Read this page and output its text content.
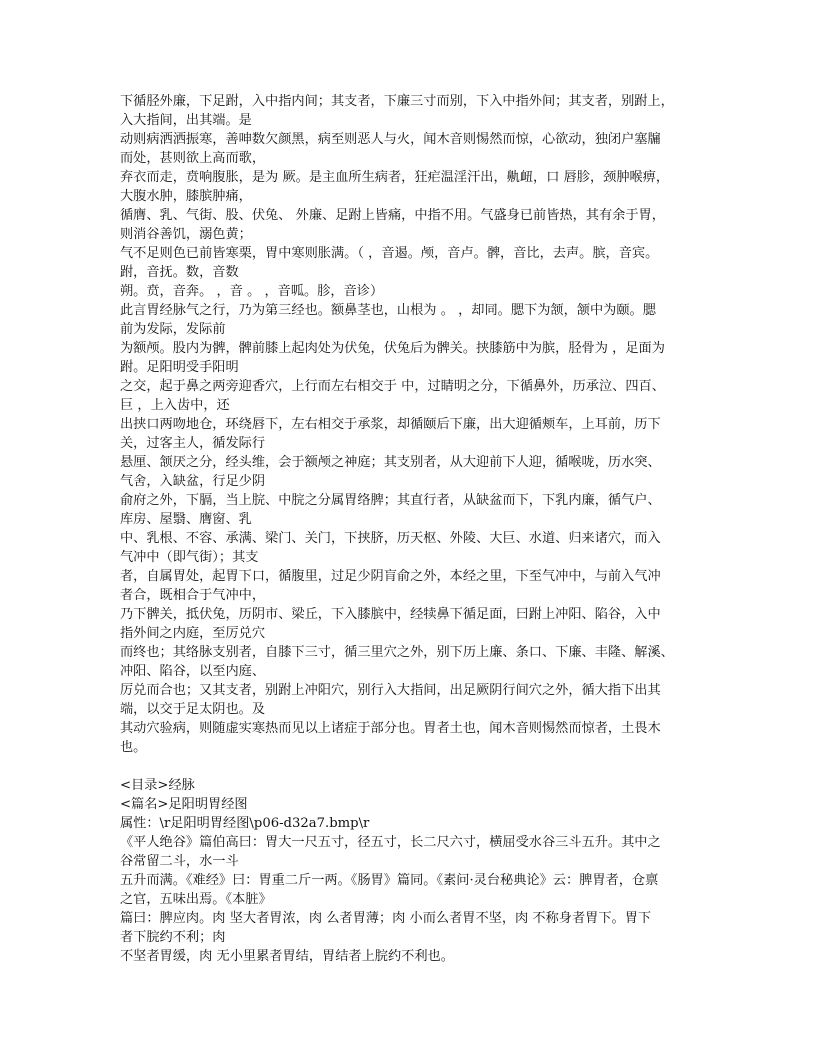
下循胫外廉，下足跗，入中指内间；其支者，下廉三寸而别，下入中指外间；其支者，别跗上，
入大指间，出其端。是
动则病洒洒振寒，善呻数欠颜黑，病至则恶人与火，闻木音则惕然而惊，心欲动，独闭户塞牖
而处，甚则欲上高而歌，
弃衣而走，贲响腹胀，是为 厥。是主血所生病者，狂疟温淫汗出，鼽衄，口 唇胗，颈肿喉痹，
大腹水肿，膝膑肿痛，
循膺、乳、气街、股、伏兔、 外廉、足跗上皆痛，中指不用。气盛身已前皆热，其有余于胃，
则消谷善饥，溺色黄；
气不足则色已前皆寒栗，胃中寒则胀满。（ ，音遏。颅，音卢。髀，音比，去声。膑，音宾。
跗，音抚。数，音数
朔。贲，音奔。 ，音 。 ，音呱。胗，音诊）
此言胃经脉气之行，乃为第三经也。额鼻茎也，山根为 。 ，却同。腮下为颔，颔中为颐。腮
前为发际，发际前
为额颅。股内为髀，髀前膝上起肉处为伏兔，伏兔后为髀关。挟膝筋中为膑，胫骨为 ，足面为
跗。足阳明受手阳明
之交，起于鼻之两旁迎香穴，上行而左右相交于 中，过睛明之分，下循鼻外，历承泣、四百、
巨 ，上入齿中，还
出挟口两吻地仓，环绕唇下，左右相交于承浆，却循颐后下廉，出大迎循颊车，上耳前，历下
关，过客主人，循发际行
悬厘、颔厌之分，经头维，会于额颅之神庭；其支别者，从大迎前下人迎，循喉咙，历水突、
气舍，入缺盆，行足少阴
俞府之外，下膈，当上脘、中脘之分属胃络脾；其直行者，从缺盆而下，下乳内廉，循气户、
库房、屋翳、膺窗、乳
中、乳根、不容、承满、梁门、关门，下挟脐，历天枢、外陵、大巨、水道、归来诸穴，而入
气冲中（即气街）；其支
者，自属胃处，起胃下口，循腹里，过足少阴肓俞之外，本经之里，下至气冲中，与前入气冲
者合，既相合于气冲中，
乃下髀关，抵伏兔，历阴市、梁丘，下入膝膑中，经犊鼻下循足面，曰跗上冲阳、陷谷，入中
指外间之内庭，至厉兑穴
而终也；其络脉支别者，自膝下三寸，循三里穴之外，别下历上廉、条口、下廉、丰隆、解溪、
冲阳、陷谷，以至内庭、
厉兑而合也；又其支者，别跗上冲阳穴，别行入大指间，出足厥阴行间穴之外，循大指下出其
端，以交于足太阴也。及
其动穴验病，则随虚实寒热而见以上诸症于部分也。胃者土也，闻木音则惕然而惊者，土畏木
也。
<目录>经脉
<篇名>足阳明胃经图
属性：\r足阳明胃经图\p06-d32a7.bmp\r
《平人绝谷》篇伯高曰：胃大一尺五寸，径五寸，长二尺六寸，横屈受水谷三斗五升。其中之
谷常留二斗，水一斗
五升而满。《难经》曰：胃重二斤一两。《肠胃》篇同。《素问·灵台秘典论》云：脾胃者，仓禀
之官，五味出焉。《本脏》
篇曰：脾应肉。肉 坚大者胃浓，肉 么者胃薄；肉 小而么者胃不坚，肉 不称身者胃下。胃下
者下脘约不利；肉
不坚者胃缓，肉 无小里累者胃结，胃结者上脘约不利也。
